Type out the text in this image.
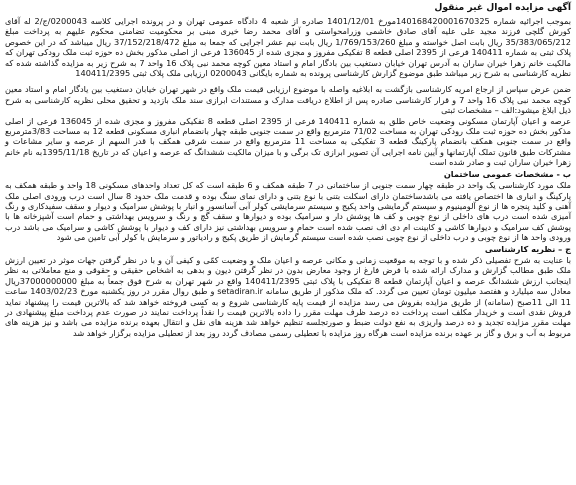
آگهی مزایده اموال غیر منقول

بموجب اجرائیه شماره 140168420001670325مورخ 1401/12/01 صادره از شعبه 4 دادگاه عمومی تهران و در پرونده اجرایی کلاسه 0200043/ج/2 له آقای کورش گلچی فرزند مجید علی علیه آقای صادق خاشمی وزرامحواستی و آقای محمد رضا خیری مبنی بر محکومیت تضامنی محکوم علیهم به پرداخت مبلغ 35/383/065/212 ریال بابت اصل خواسته و مبلغ 1/769/153/260 ریال بابت نیم عشر اجرایی که جمعا به مبلغ 37/152/218/472 ریال میباشد که در این خصوص پلاک ثبتی به شماره 140411 فرعی از 2395 اصلی قطعه 8 تفکیکی مفروز و مجزی شده از 136045 فرعی از اصلی مذکور بخش ده حوزه ثبت ملک رودکی تهران که مالکیت خانم زهرا خیران ساران به آدرس تهران خیابان دستغیب بین بادگار امام و استاد معین کوچه محمد نبی پلاک 16 واحد 7 به شرح زیر به مزایده گذاشته شده که نظریه کارشناسی به شرح زیر میباشد طبق موضوع گزارش کارشناسی پرونده به شماره بایگانی 0200043 ارزیابی ملک پلاک ثبتی 140411/2395

ضمن عرض سپاس از ارجاع امریه کارشناسی بازگشت به ابلاغیه واصله با موضوع ارزیابی قیمت ملک واقع در شهر تهران خیابان دستغیب بین یادگار امام و استاد معین کوچه محمد نبی پلاک 16 واحد 7 و قرار کارشناسی صادره پس از اطلاع دریافت مدارک و مستندات ابرازی سند ملک بازدید و تحقیق محلی نظریه کارشناسی به شرح ذیل ابلاغ میشود:الف – مشخصات ثبتی

عرصه و اعیان آپارتمان مسکونی وضعیت خاص طلق به شماره 140411 فرعی از 2395 اصلی قطعه 8 تفکیکی مفروز و مجزی شده از 136045 فرعی از اصلی مذکور بخش ده حوزه ثبت ملک رودکی تهران به مساحت 71/02 مترمربع واقع در سمت جنوبی طبقه چهار بانضمام انباری مسکونی قطعه 12 به مساحت 3/83مترمربع واقع در سمت جنوبی همکف بانضمام پارکینگ قطعه 3 تفکیکی به مساحت 11 مترمربع واقع در سمت شرقی همکف با قدر السهم از عرصه و سایر مشاعات و مشترکات طبق قانون تملک آپارتمانها و آیین نامه اجرایی آن تصویر ابرازی تک برگی و با میزان مالکیت ششدانگ که عرصه و اعیان که در تاریخ 1395/11/18به نام خانم زهرا خیران ساران ثبت و صادر شده است

ب - مشخصات عمومی ساختمان

ملک مورد کارشناسی یک واحد در طبقه چهار سمت جنوبی از ساختمانی در 7 طبقه همکف و 6 طبقه است که کل تعداد واحدهای مسکونی 18 واحد و طبقه همکف به پارکینگ و انباری ها اختصاص یافته می باشدساختمان دارای اسکلت بتنی با نوع بتنی و دارای نمای سنگ بوده و قدمت ملک حدود 8 سال است درب ورودی اصلی ملک آهنی و کلید پنجره ها از نوع آلومینیوم و سیستم گرمایشی واحد پکیج و سیستم سرمایشی کولر آبی آسانسور و انبار با پوشش سرامیک و دیوار و سقف سفیدکاری و رنگ آمیزی شده است درب های داخلی از نوع چوبی و کف ها پوشش دار و سرامیک بوده و دیوارها و سقف گچ و رنگ و سرویس بهداشتی و حمام است آشپزخانه ها با پوشش کف سرامیک و دیوارها کاشی و کابینت ام دی اف نصب شده است حمام و سرویس بهداشتی نیز دارای کف و دیوار با پوشش کاشی و سرامیک می باشد درب ورودی واحد ها از نوع چوبی و درب داخلی از نوع چوبی نصب شده است سیستم گرمایش از طریق پکیج و رادیاتور و سرمایش با کولر آبی تامین می شود

ج – نظریه کارشناسی

با عنایت به شرح تفصیلی ذکر شده و با توجه به موقعیت زمانی و مکانی عرصه و اعیان ملک و وضعیت کمّی و کیفی آن و با در نظر گرفتن جهات موثر در تعیین ارزش ملک طبق مطالب گزارش و مدارک ارائه شده با فرض فارغ از وجود معارض بدون در نظر گرفتن دیون و بدهی به اشخاص حقیقی و حقوقی و منع معاملاتی به نظر اینجانب ارزش ششدانگ عرصه و اعیان آپارتمان قطعه 8 تفکیکی با پلاک ثبتی 140411/2395 واقع در شهر تهران به شرح فوق جمعاً به مبلغ 37000000000ریال معادل سه میلیارد و هفتصد میلیون تومان تعیین می گردد. که ملک مذکور از طریق سامانه setadiran.ir و طبق روال مقرر در روز یکشنبه مورخ 1403/02/23 ساعت 11 الی 11صبح (سامانه) از طریق مزایده بفروش می رسد مزایده از قیمت پایه کارشناسی شروع و به کسی فروخته خواهد شد که بالاترین قیمت را پیشنهاد نماید فروش نقدی است و خریدار مکلف است پرداخت ده درصد ظرف مهلت مقرر را داده بالاترین قیمت را نقداً پرداخت نمایند در صورت عدم پرداخت مبلغ پیشنهادی در مهلت مقرر مزایده تجدید و ده درصد واریزی به نفع دولت ضبط و صورتجلسه تنظیم خواهد شد هزینه های نقل و انتقال بعهده برنده مزایده می باشد و نیز هزینه های مربوط به آب و برق و گاز بر عهده برنده مزایده است هرگاه روز مزایده با تعطیلی رسمی مصادف گردد روز بعد از تعطیلی مزایده برگزار خواهد شد
